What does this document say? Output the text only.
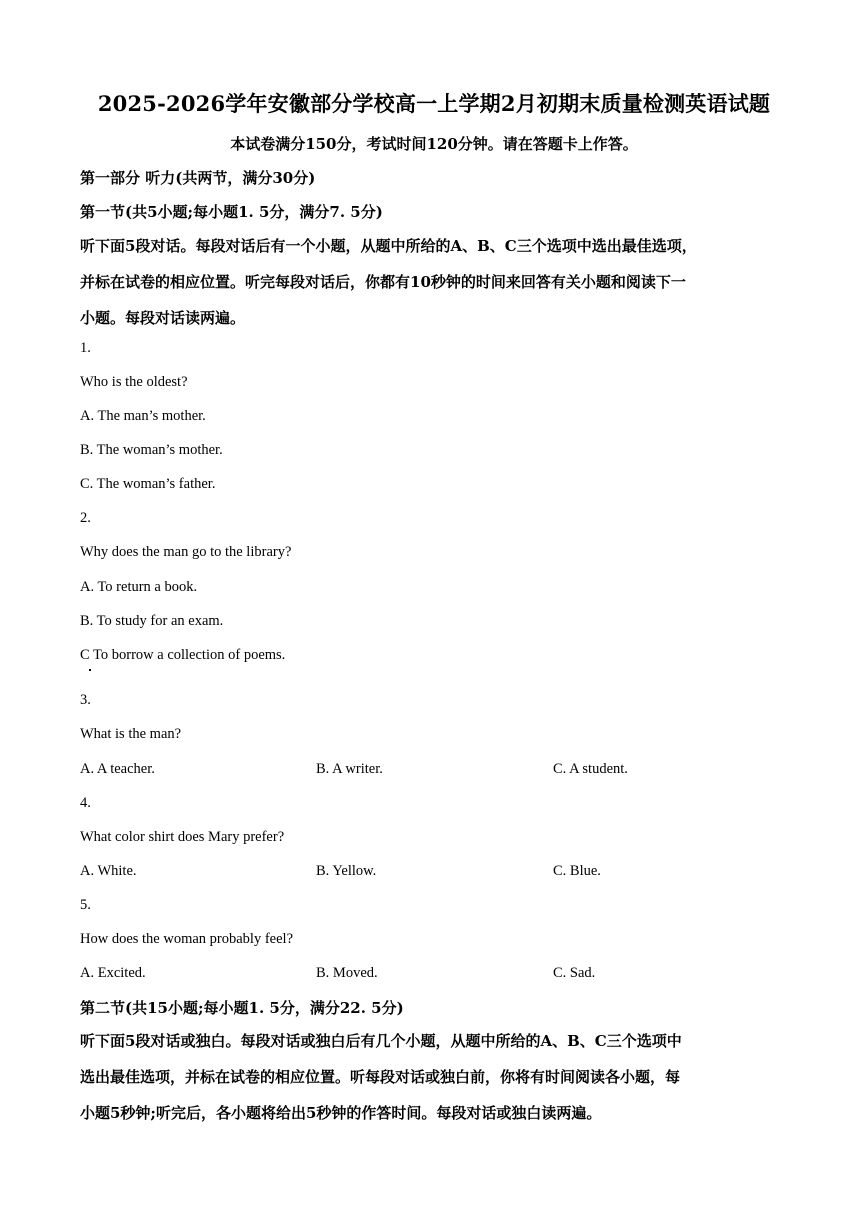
2025-2026学年安徽部分学校高一上学期2月初期末质量检测英语试题
本试卷满分150分，考试时间120分钟。请在答题卡上作答。
第一部分 听力(共两节，满分30分)
第一节(共5小题;每小题1. 5分，满分7. 5分)
听下面5段对话。每段对话后有一个小题，从题中所给的A、B、C三个选项中选出最佳选项，
并标在试卷的相应位置。听完每段对话后，你都有10秒钟的时间来回答有关小题和阅读下一
小题。每段对话读两遍。
1.
Who is the oldest?
A. The man’s mother.
B. The woman’s mother.
C. The woman’s father.
2.
Why does the man go to the library?
A. To return a book.
B. To study for an exam.
C To borrow a collection of poems.
3.
What is the man?
A. A teacher.	B. A writer.	C. A student.
4.
What color shirt does Mary prefer?
A. White.	B. Yellow.	C. Blue.
5.
How does the woman probably feel?
A. Excited.	B. Moved.	C. Sad.
第二节(共15小题;每小题1. 5分，满分22. 5分)
听下面5段对话或独白。每段对话或独白后有几个小题，从题中所给的A、B、C三个选项中
选出最佳选项，并标在试卷的相应位置。听每段对话或独白前，你将有时间阅读各小题，每
小题5秒钟;听完后，各小题将给出5秒钟的作答时间。每段对话或独白读两遍。
